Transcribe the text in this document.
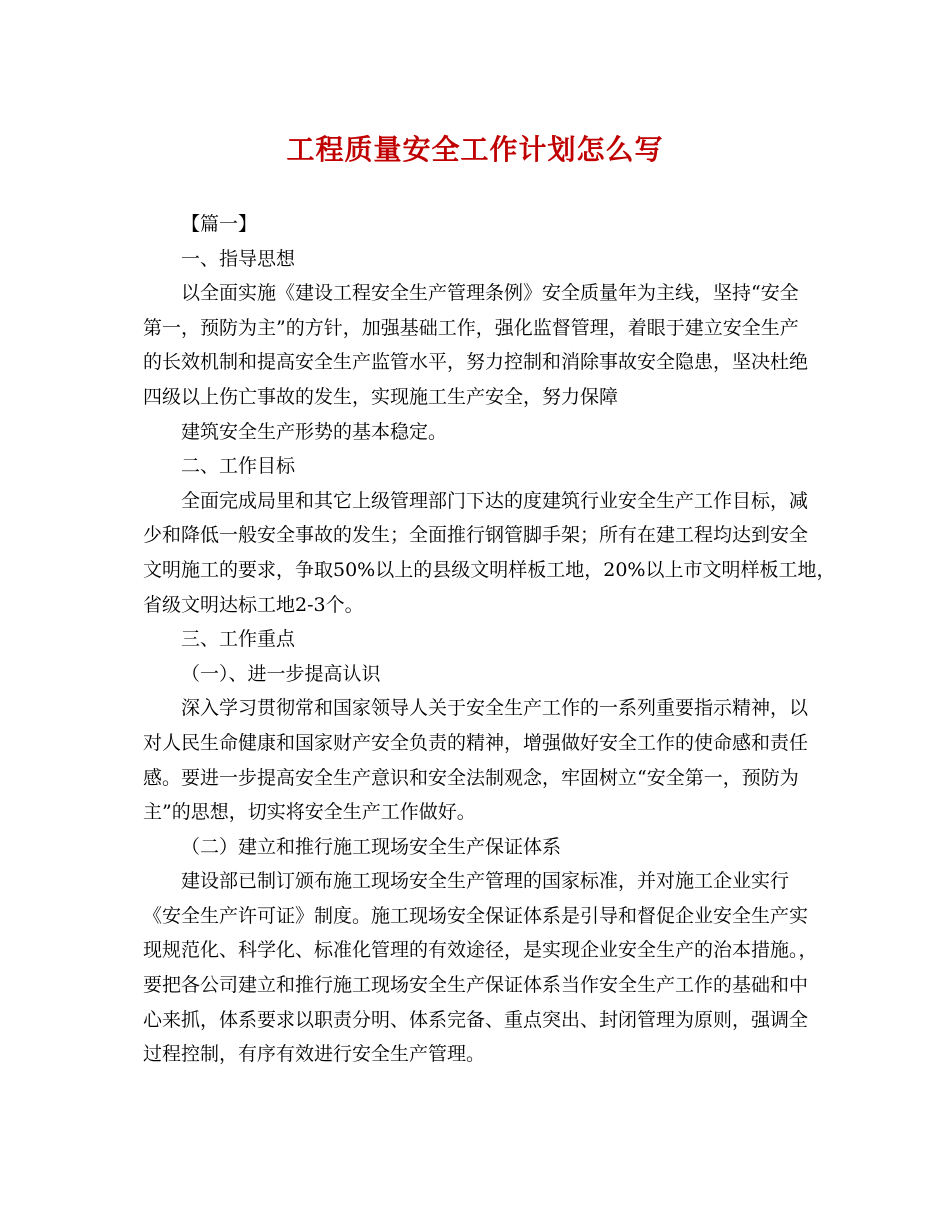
工程质量安全工作计划怎么写
【篇一】
一、指导思想
以全面实施《建设工程安全生产管理条例》安全质量年为主线，坚持“安全
第一，预防为主”的方针，加强基础工作，强化监督管理，着眼于建立安全生产
的长效机制和提高安全生产监管水平，努力控制和消除事故安全隐患，坚决杜绝
四级以上伤亡事故的发生，实现施工生产安全，努力保障
建筑安全生产形势的基本稳定。
二、工作目标
全面完成局里和其它上级管理部门下达的度建筑行业安全生产工作目标，减
少和降低一般安全事故的发生；全面推行钢管脚手架；所有在建工程均达到安全
文明施工的要求，争取50%以上的县级文明样板工地，20%以上市文明样板工地，
省级文明达标工地2-3个。
三、工作重点
（一）、进一步提高认识
深入学习贯彻常和国家领导人关于安全生产工作的一系列重要指示精神，以
对人民生命健康和国家财产安全负责的精神，增强做好安全工作的使命感和责任
感。要进一步提高安全生产意识和安全法制观念，牢固树立“安全第一，预防为
主”的思想，切实将安全生产工作做好。
（二）建立和推行施工现场安全生产保证体系
建设部已制订颁布施工现场安全生产管理的国家标准，并对施工企业实行
《安全生产许可证》制度。施工现场安全保证体系是引导和督促企业安全生产实
现规范化、科学化、标准化管理的有效途径，是实现企业安全生产的治本措施。，
要把各公司建立和推行施工现场安全生产保证体系当作安全生产工作的基础和中
心来抓，体系要求以职责分明、体系完备、重点突出、封闭管理为原则，强调全
过程控制，有序有效进行安全生产管理。
